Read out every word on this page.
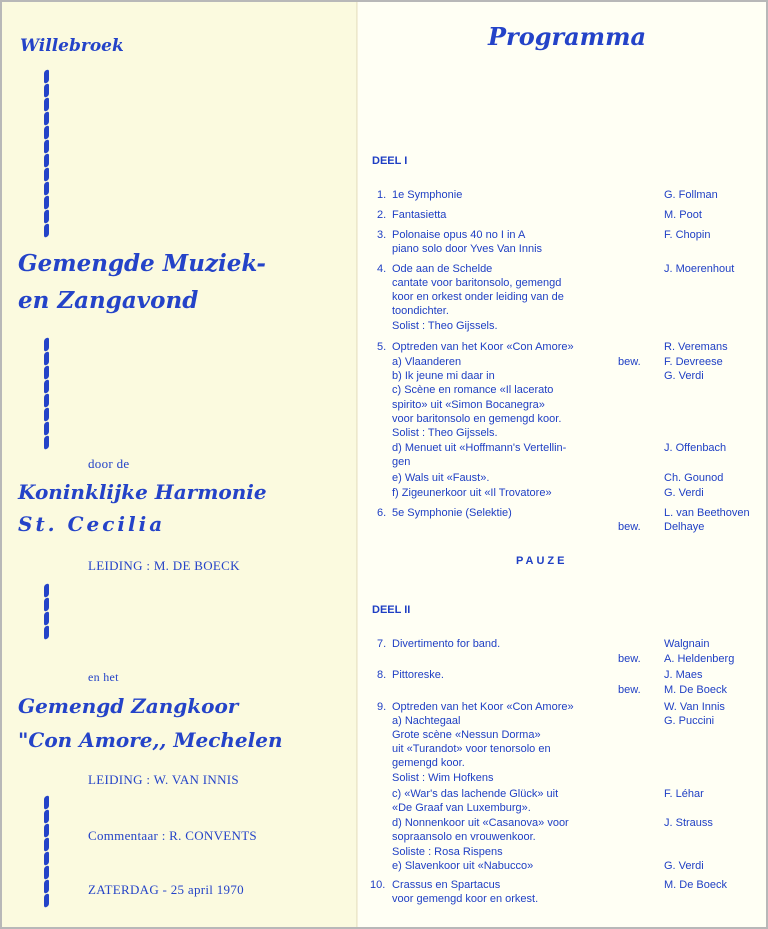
Willebroek
Gemengde Muziek-
en Zangavond
door de
Koninklijke Harmonie
St. Cecilia
LEIDING : M. DE BOECK
en het
Gemengd Zangkoor
"Con Amore,, Mechelen
LEIDING : W. VAN INNIS
Commentaar : R. CONVENTS
ZATERDAG - 25 april 1970
Programma
DEEL I
PAUZE
DEEL II
1. 1e Symphonie	G. Follman
2. Fantasietta	M. Poot
3. Polonaise opus 40 no I in A	F. Chopin
piano solo door Yves Van Innis
4. Ode aan de Schelde	J. Moerenhout
cantate voor baritonsolo, gemengd
koor en orkest onder leiding van de
toondichter.
Solist : Theo Gijssels.
5. Optreden van het Koor «Con Amore»	R. Veremans
a) Vlaanderen	bew. F. Devreese
b) Ik jeune mi daar in	G. Verdi
c) Scène en romance «Il lacerato
spirito» uit «Simon Bocanegra»
voor baritonsolo en gemengd koor.
Solist : Theo Gijssels.
d) Menuet uit «Hoffmann's Vertellin-	J. Offenbach
gen
e) Wals uit «Faust».	Ch. Gounod
f) Zigeunerkoor uit «Il Trovatore»	G. Verdi
6. 5e Symphonie (Selektie)	L. van Beethoven
bew. Delhaye
7. Divertimento for band.	Walgnain
bew. A. Heldenberg
8. Pittoreske.	J. Maes
bew. M. De Boeck
9. Optreden van het Koor «Con Amore»	W. Van Innis
a) Nachtegaal	G. Puccini
Grote scène «Nessun Dorma»
uit «Turandot» voor tenorsolo en
gemengd koor.
Solist : Wim Hofkens
c) «War's das lachende Glück» uit	F. Léhar
«De Graaf van Luxemburg».
d) Nonnenkoor uit «Casanova» voor	J. Strauss
sopraansolo en vrouwenkoor.
Soliste : Rosa Rispens
e) Slavenkoor uit «Nabucco»	G. Verdi
10. Crassus en Spartacus	M. De Boeck
voor gemengd koor en orkest.
